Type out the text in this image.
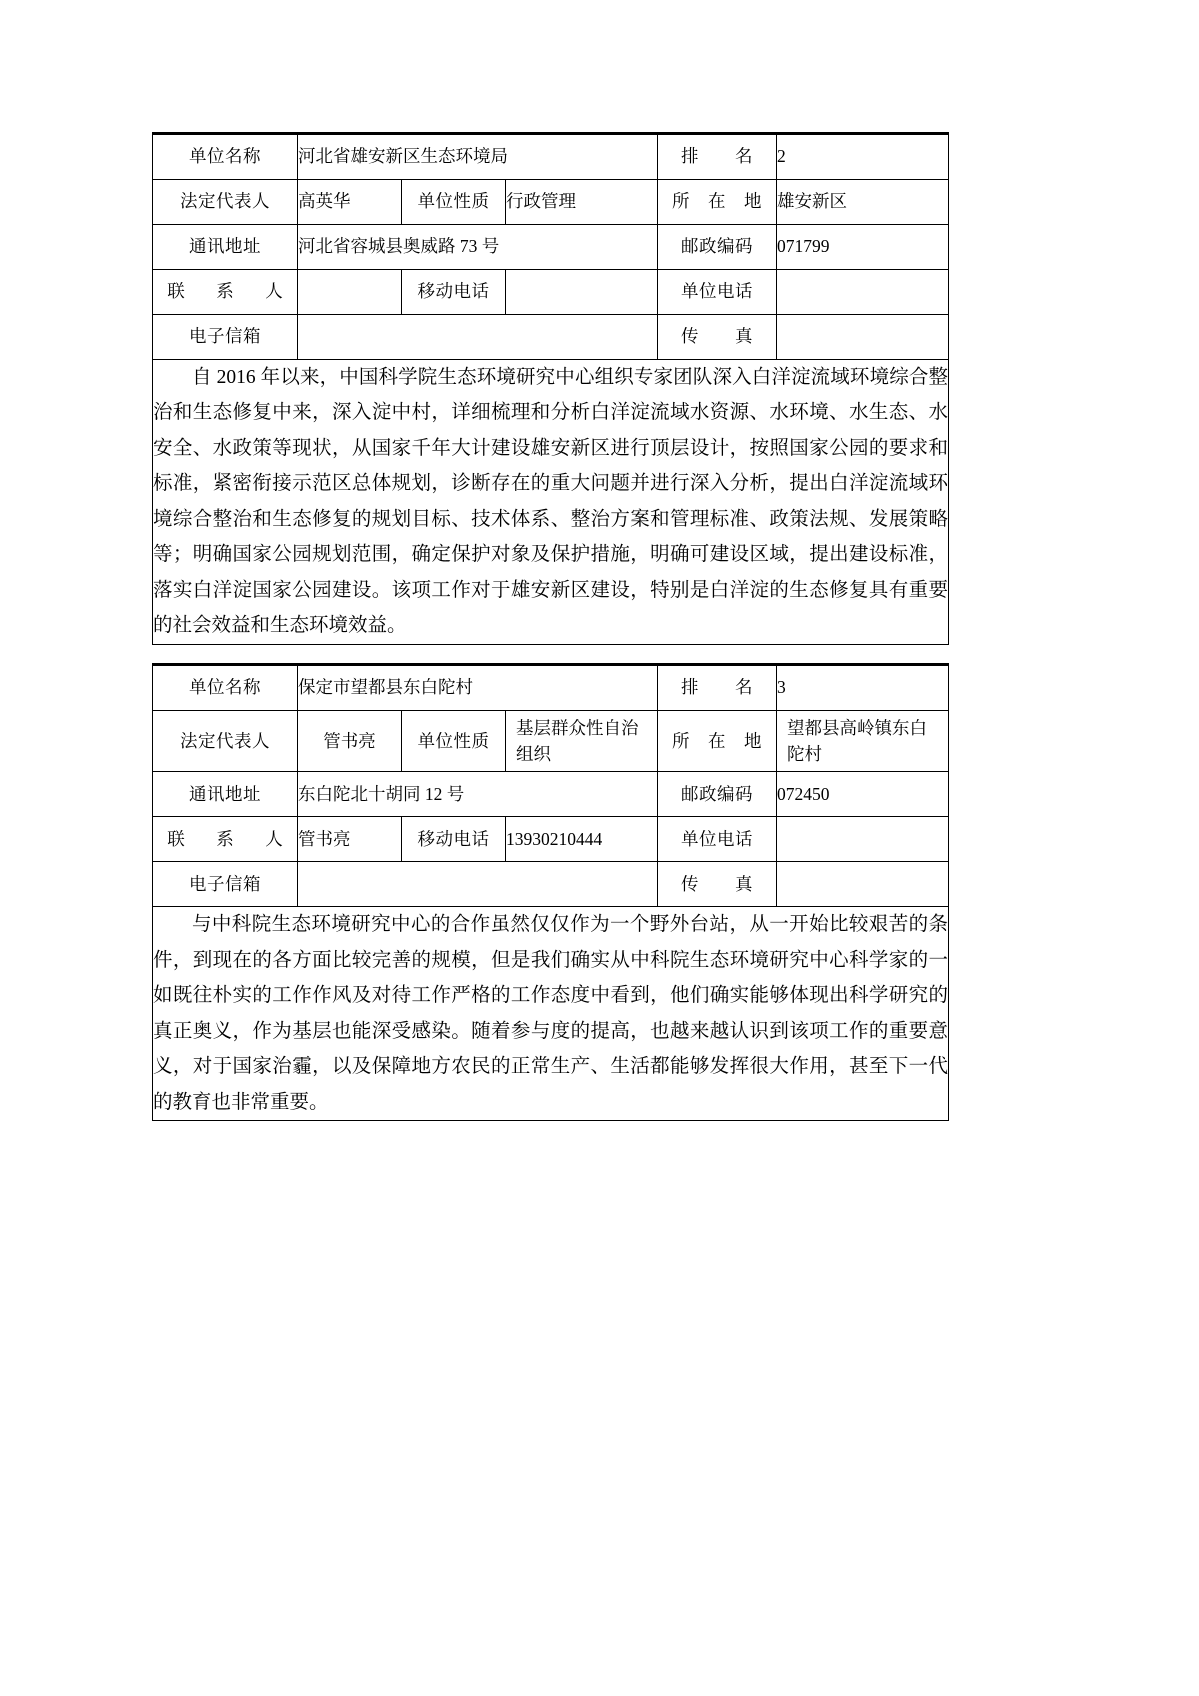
单位名称	河北省雄安新区生态环境局			排　　名	2
法定代表人	高英华	单位性质	行政管理	所　在　地	雄安新区
通讯地址	河北省容城县奥威路 73 号			邮政编码	071799
联　系　人		移动电话		单位电话	
电子信箱				传　　真	

自 2016 年以来，中国科学院生态环境研究中心组织专家团队深入白洋淀流域环境综合整治和生态修复中来，深入淀中村，详细梳理和分析白洋淀流域水资源、水环境、水生态、水安全、水政策等现状，从国家千年大计建设雄安新区进行顶层设计，按照国家公园的要求和标准，紧密衔接示范区总体规划，诊断存在的重大问题并进行深入分析，提出白洋淀流域环境综合整治和生态修复的规划目标、技术体系、整治方案和管理标准、政策法规、发展策略等；明确国家公园规划范围，确定保护对象及保护措施，明确可建设区域，提出建设标准，落实白洋淀国家公园建设。该项工作对于雄安新区建设，特别是白洋淀的生态修复具有重要的社会效益和生态环境效益。					

单位名称	保定市望都县东白陀村			排　　名	3
法定代表人	管书亮	单位性质	基层群众性自治组织	所　在　地	望都县高岭镇东白陀村
通讯地址	东白陀北十胡同 12 号			邮政编码	072450
联　系　人	管书亮	移动电话	13930210444	单位电话	
电子信箱				传　　真	

与中科院生态环境研究中心的合作虽然仅仅作为一个野外台站，从一开始比较艰苦的条件，到现在的各方面比较完善的规模，但是我们确实从中科院生态环境研究中心科学家的一如既往朴实的工作作风及对待工作严格的工作态度中看到，他们确实能够体现出科学研究的真正奥义，作为基层也能深受感染。随着参与度的提高，也越来越认识到该项工作的重要意义，对于国家治霾，以及保障地方农民的正常生产、生活都能够发挥很大作用，甚至下一代的教育也非常重要。					
